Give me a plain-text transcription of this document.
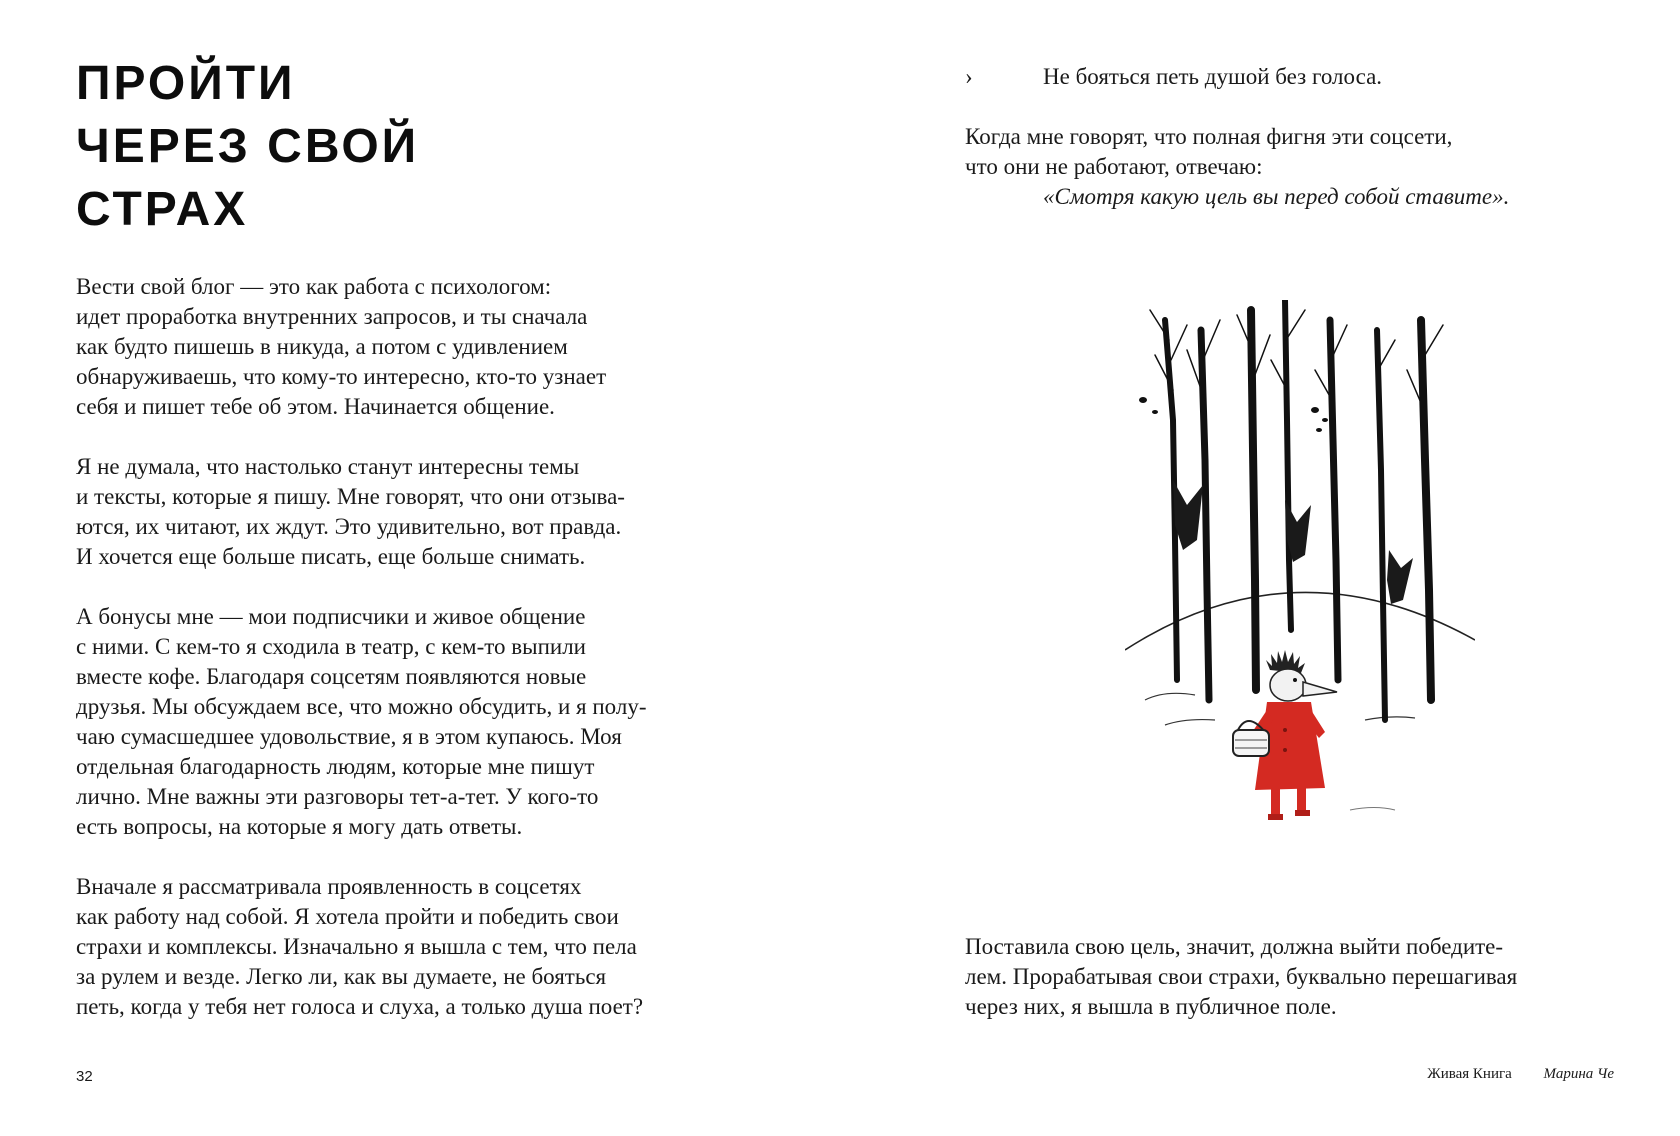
ПРОЙТИ
ЧЕРЕЗ СВОЙ
СТРАХ

Вести свой блог — это как работа с психологом:
идет проработка внутренних запросов, и ты сначала
как будто пишешь в никуда, а потом с удивлением
обнаруживаешь, что кому-то интересно, кто-то узнает
себя и пишет тебе об этом. Начинается общение.

Я не думала, что настолько станут интересны темы
и тексты, которые я пишу. Мне говорят, что они отзыва-
ются, их читают, их ждут. Это удивительно, вот правда.
И хочется еще больше писать, еще больше снимать.

А бонусы мне — мои подписчики и живое общение
с ними. С кем-то я сходила в театр, с кем-то выпили
вместе кофе. Благодаря соцсетям появляются новые
друзья. Мы обсуждаем все, что можно обсудить, и я полу-
чаю сумасшедшее удовольствие, я в этом купаюсь. Моя
отдельная благодарность людям, которые мне пишут
лично. Мне важны эти разговоры тет-а-тет. У кого-то
есть вопросы, на которые я могу дать ответы.

Вначале я рассматривала проявленность в соцсетях
как работу над собой. Я хотела пройти и победить свои
страхи и комплексы. Изначально я вышла с тем, что пела
за рулем и везде. Легко ли, как вы думаете, не бояться
петь, когда у тебя нет голоса и слуха, а только душа поет?

›	Не бояться петь душой без голоса.
Когда мне говорят, что полная фигня эти соцсети,
что они не работают, отвечаю:
«Смотря какую цель вы перед собой ставите».
Поставила свою цель, значит, должна выйти победите-
лем. Прорабатывая свои страхи, буквально перешагивая
через них, я вышла в публичное поле.
32	Живая Книга Марина Че
